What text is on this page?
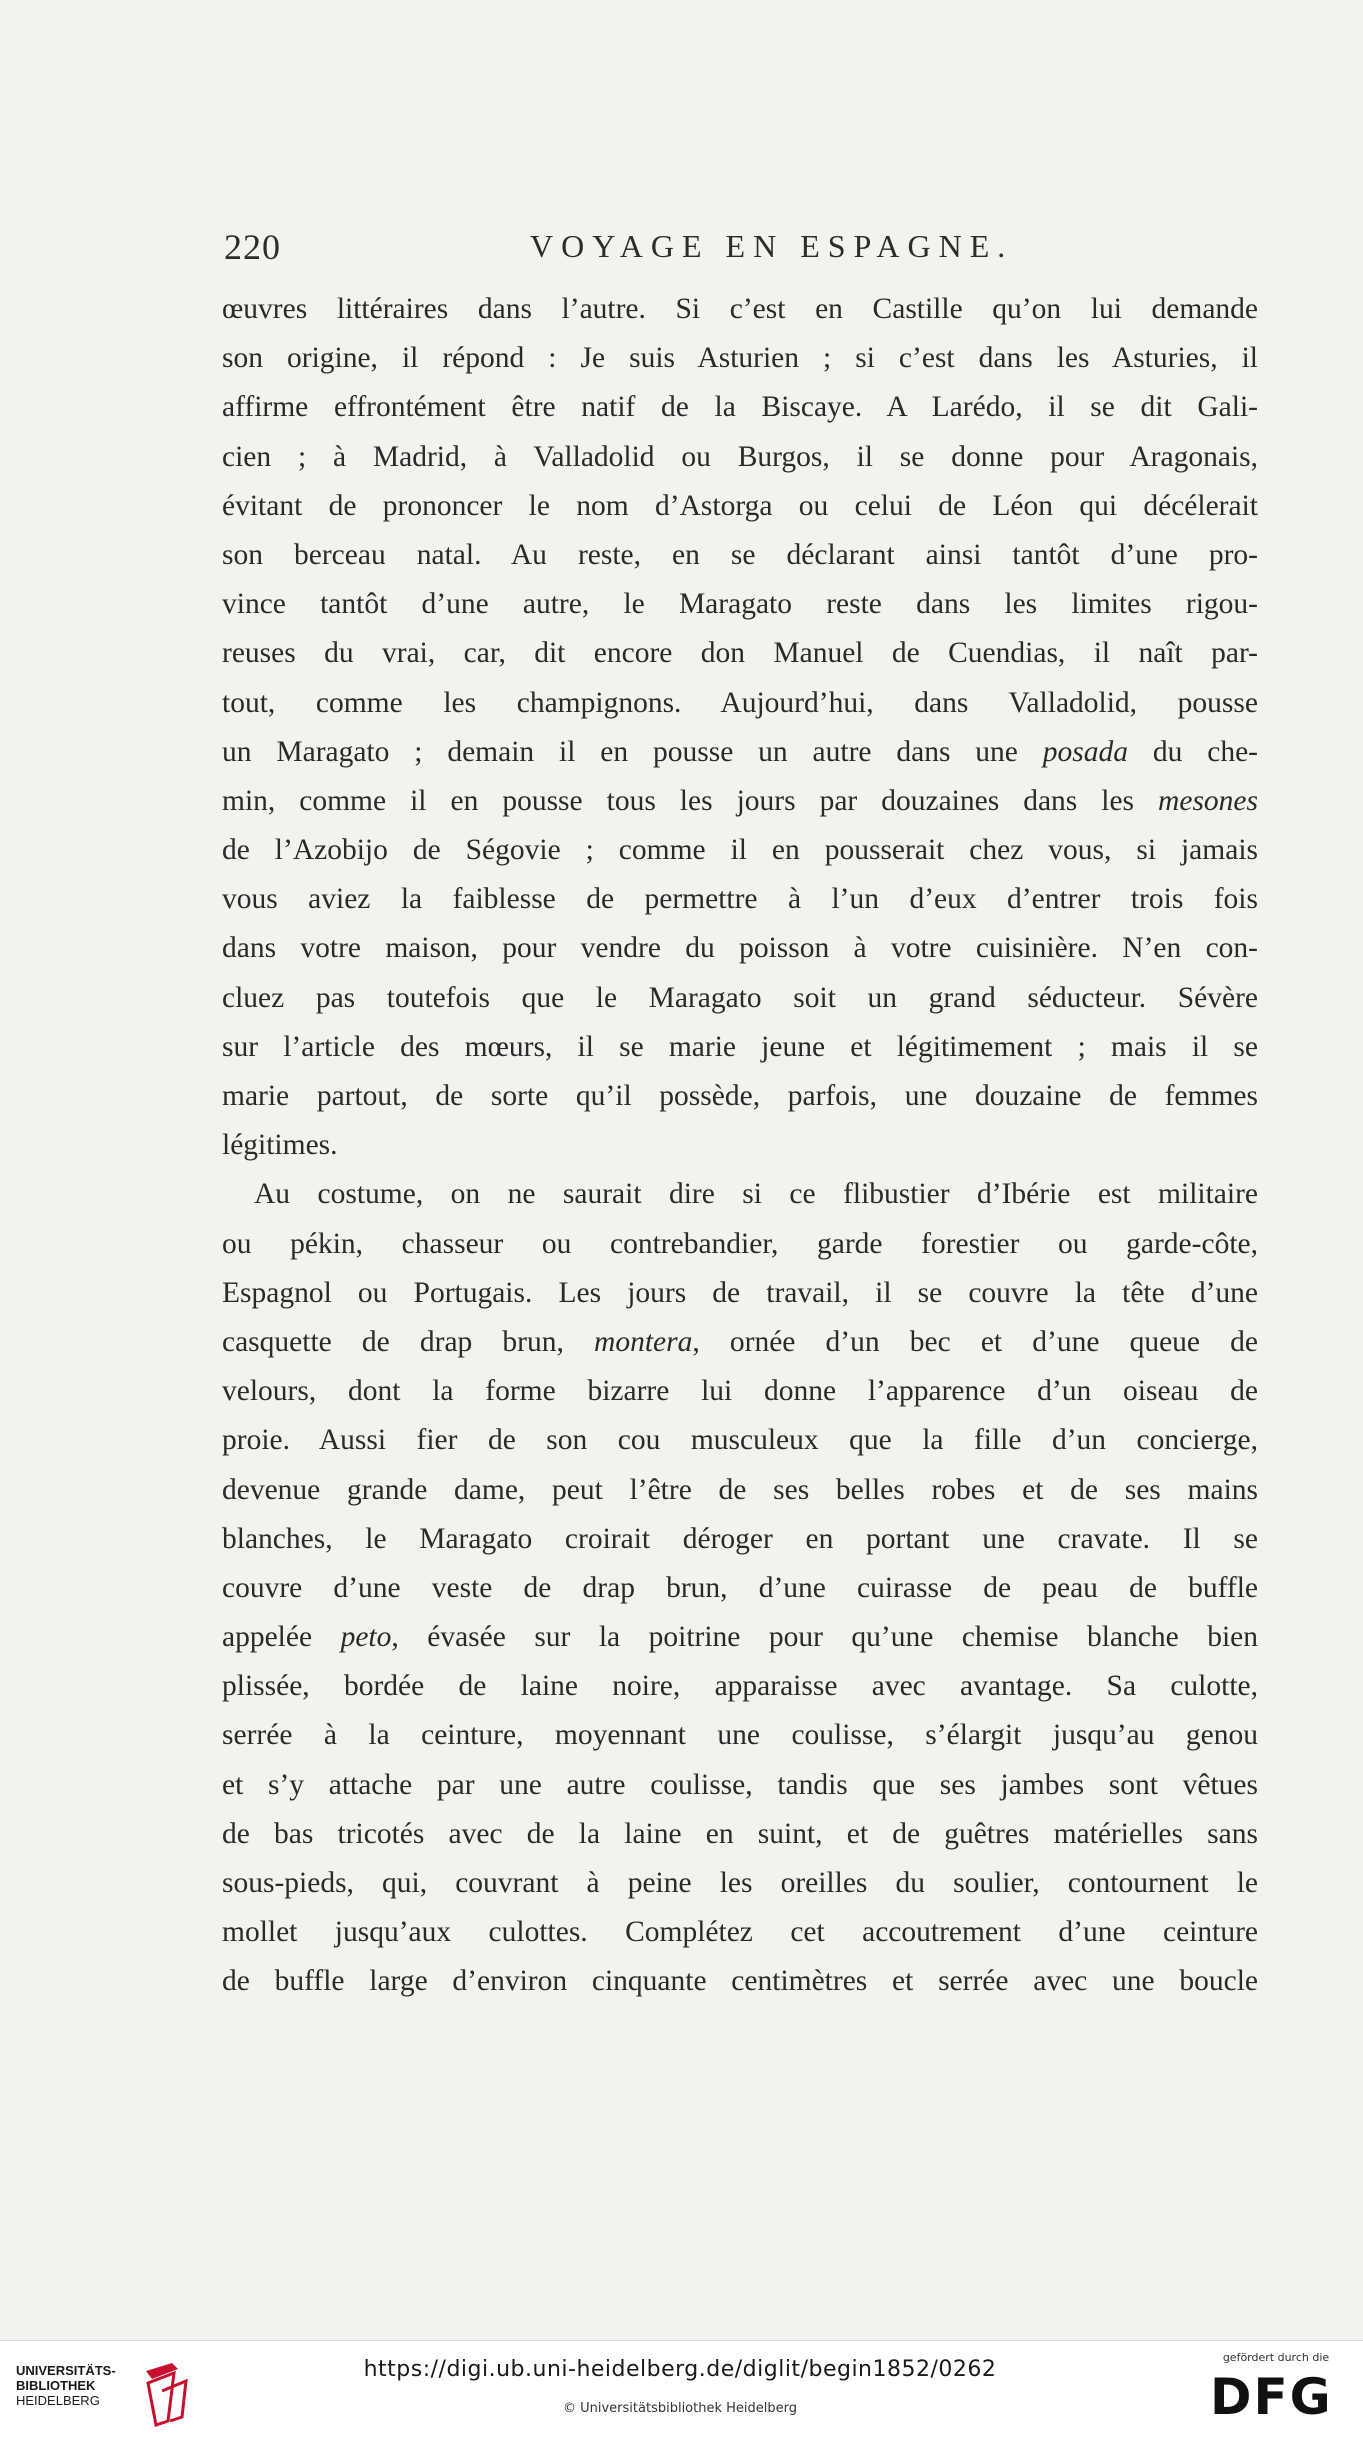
220	VOYAGE EN ESPAGNE.
œuvres littéraires dans l’autre. Si c’est en Castille qu’on lui demande
son origine, il répond : Je suis Asturien ; si c’est dans les Asturies, il
affirme effrontément être natif de la Biscaye. A Larédo, il se dit Gali-
cien ; à Madrid, à Valladolid ou Burgos, il se donne pour Aragonais,
évitant de prononcer le nom d’Astorga ou celui de Léon qui décélerait
son berceau natal. Au reste, en se déclarant ainsi tantôt d’une pro-
vince tantôt d’une autre, le Maragato reste dans les limites rigou-
reuses du vrai, car, dit encore don Manuel de Cuendias, il naît par-
tout, comme les champignons. Aujourd’hui, dans Valladolid, pousse
un Maragato ; demain il en pousse un autre dans une posada du che-
min, comme il en pousse tous les jours par douzaines dans les mesones
de l’Azobijo de Ségovie ; comme il en pousserait chez vous, si jamais
vous aviez la faiblesse de permettre à l’un d’eux d’entrer trois fois
dans votre maison, pour vendre du poisson à votre cuisinière. N’en con-
cluez pas toutefois que le Maragato soit un grand séducteur. Sévère
sur l’article des mœurs, il se marie jeune et légitimement ; mais il se
marie partout, de sorte qu’il possède, parfois, une douzaine de femmes
légitimes.
Au costume, on ne saurait dire si ce flibustier d’Ibérie est militaire
ou pékin, chasseur ou contrebandier, garde forestier ou garde-côte,
Espagnol ou Portugais. Les jours de travail, il se couvre la tête d’une
casquette de drap brun, montera, ornée d’un bec et d’une queue de
velours, dont la forme bizarre lui donne l’apparence d’un oiseau de
proie. Aussi fier de son cou musculeux que la fille d’un concierge,
devenue grande dame, peut l’être de ses belles robes et de ses mains
blanches, le Maragato croirait déroger en portant une cravate. Il se
couvre d’une veste de drap brun, d’une cuirasse de peau de buffle
appelée peto, évasée sur la poitrine pour qu’une chemise blanche bien
plissée, bordée de laine noire, apparaisse avec avantage. Sa culotte,
serrée à la ceinture, moyennant une coulisse, s’élargit jusqu’au genou
et s’y attache par une autre coulisse, tandis que ses jambes sont vêtues
de bas tricotés avec de la laine en suint, et de guêtres matérielles sans
sous-pieds, qui, couvrant à peine les oreilles du soulier, contournent le
mollet jusqu’aux culottes. Complétez cet accoutrement d’une ceinture
de buffle large d’environ cinquante centimètres et serrée avec une boucle
UNIVERSITÄTS-
BIBLIOTHEK
HEIDELBERG
https://digi.ub.uni-heidelberg.de/diglit/begin1852/0262
© Universitätsbibliothek Heidelberg
gefördert durch die
DFG
